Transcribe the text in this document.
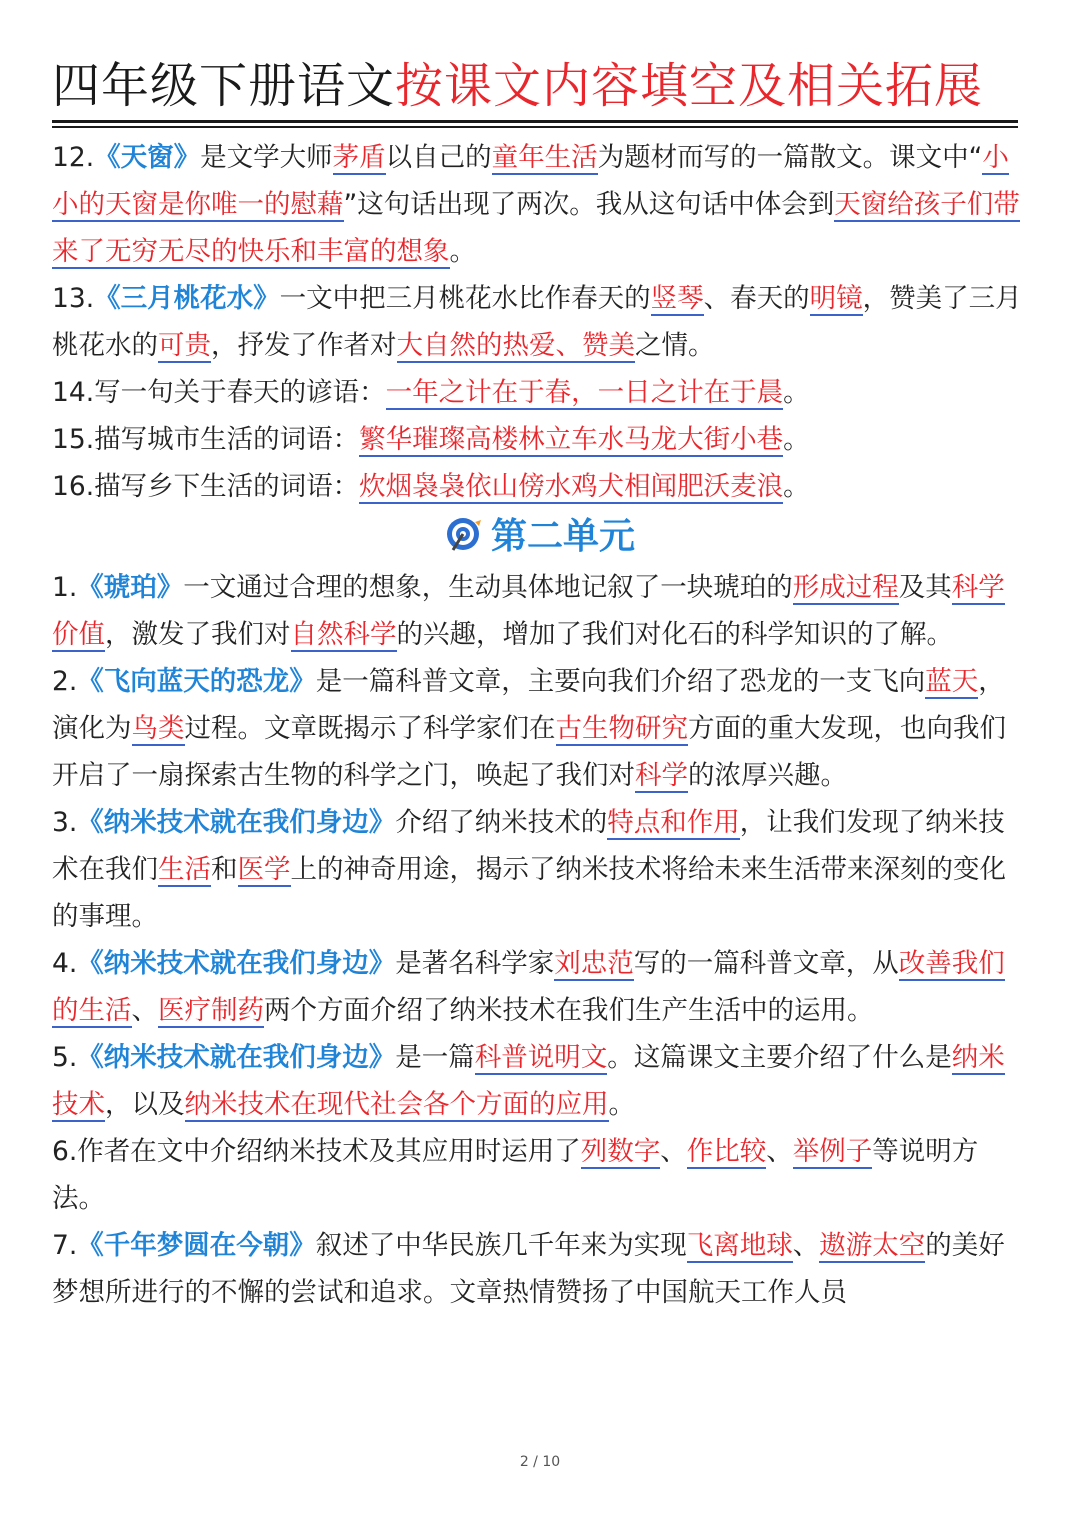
四年级下册语文按课文内容填空及相关拓展

12.《天窗》是文学大师茅盾以自己的童年生活为题材而写的一篇散文。课文中“小小的天窗是你唯一的慰藉”这句话出现了两次。我从这句话中体会到天窗给孩子们带来了无穷无尽的快乐和丰富的想象。

13.《三月桃花水》一文中把三月桃花水比作春天的竖琴、春天的明镜，赞美了三月桃花水的可贵，抒发了作者对大自然的热爱、赞美之情。

14.写一句关于春天的谚语：一年之计在于春，一日之计在于晨。

15.描写城市生活的词语：繁华璀璨高楼林立车水马龙大街小巷。

16.描写乡下生活的词语：炊烟袅袅依山傍水鸡犬相闻肥沃麦浪。

第二单元

1.《琥珀》一文通过合理的想象，生动具体地记叙了一块琥珀的形成过程及其科学价值，激发了我们对自然科学的兴趣，增加了我们对化石的科学知识的了解。

2.《飞向蓝天的恐龙》是一篇科普文章，主要向我们介绍了恐龙的一支飞向蓝天，演化为鸟类过程。文章既揭示了科学家们在古生物研究方面的重大发现，也向我们开启了一扇探索古生物的科学之门，唤起了我们对科学的浓厚兴趣。

3.《纳米技术就在我们身边》介绍了纳米技术的特点和作用，让我们发现了纳米技术在我们生活和医学上的神奇用途，揭示了纳米技术将给未来生活带来深刻的变化的事理。

4.《纳米技术就在我们身边》是著名科学家刘忠范写的一篇科普文章，从改善我们的生活、医疗制药两个方面介绍了纳米技术在我们生产生活中的运用。

5.《纳米技术就在我们身边》是一篇科普说明文。这篇课文主要介绍了什么是纳米技术，以及纳米技术在现代社会各个方面的应用。

6.作者在文中介绍纳米技术及其应用时运用了列数字、作比较、举例子等说明方法。

7.《千年梦圆在今朝》叙述了中华民族几千年来为实现飞离地球、遨游太空的美好梦想所进行的不懈的尝试和追求。文章热情赞扬了中国航天工作人员

2 / 10
